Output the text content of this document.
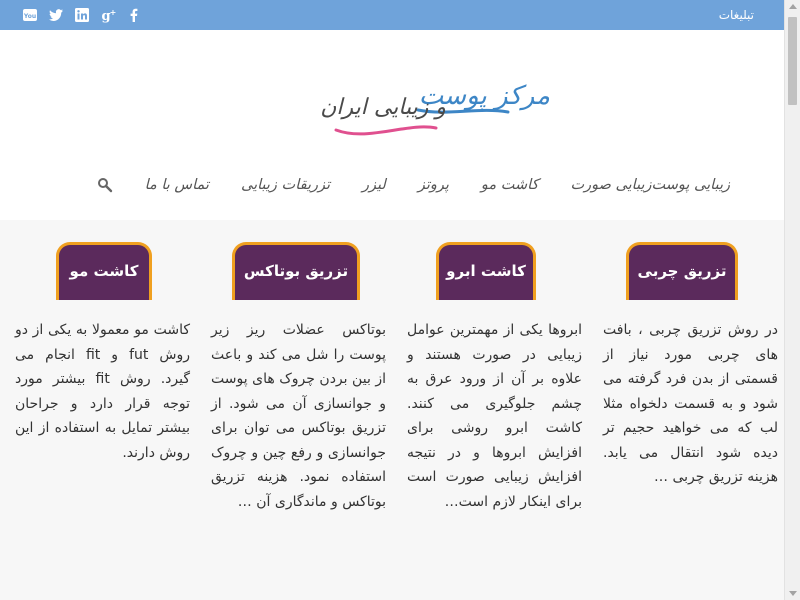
You	g +	تبلیغات
مرکز پوست
و زیبایی ایران
زیبایی پوست
زیبایی صورت
کاشت مو
پروتز
لیزر
تزریقات زیبایی
تماس با ما
تزریق چربی
در روش تزریق چربی ، بافت های چربی مورد نیاز از قسمتی از بدن فرد گرفته می شود و به قسمت دلخواه مثلا لب که می خواهید حجیم تر دیده شود انتقال می یابد. هزینه تزریق چربی …
کاشت ابرو
ابروها یکی از مهمترین عوامل زیبایی در صورت هستند و علاوه بر آن از ورود عرق به چشم جلوگیری می کنند. کاشت ابرو روشی برای افزایش ابروها و در نتیجه افزایش زیبایی صورت است برای اینکار لازم است…
تزریق بوتاکس
بوتاکس عضلات ریز زیر پوست را شل می کند و باعث از بین بردن چروک های پوست و جوانسازی آن می شود. از تزریق بوتاکس می توان برای جوانسازی و رفع چین و چروک استفاده نمود. هزینه تزریق بوتاکس و ماندگاری آن …
کاشت مو
کاشت مو معمولا به یکی از دو روش fut و fit انجام می گیرد. روش fit بیشتر مورد توجه قرار دارد و جراحان بیشتر تمایل به استفاده از این روش دارند.
